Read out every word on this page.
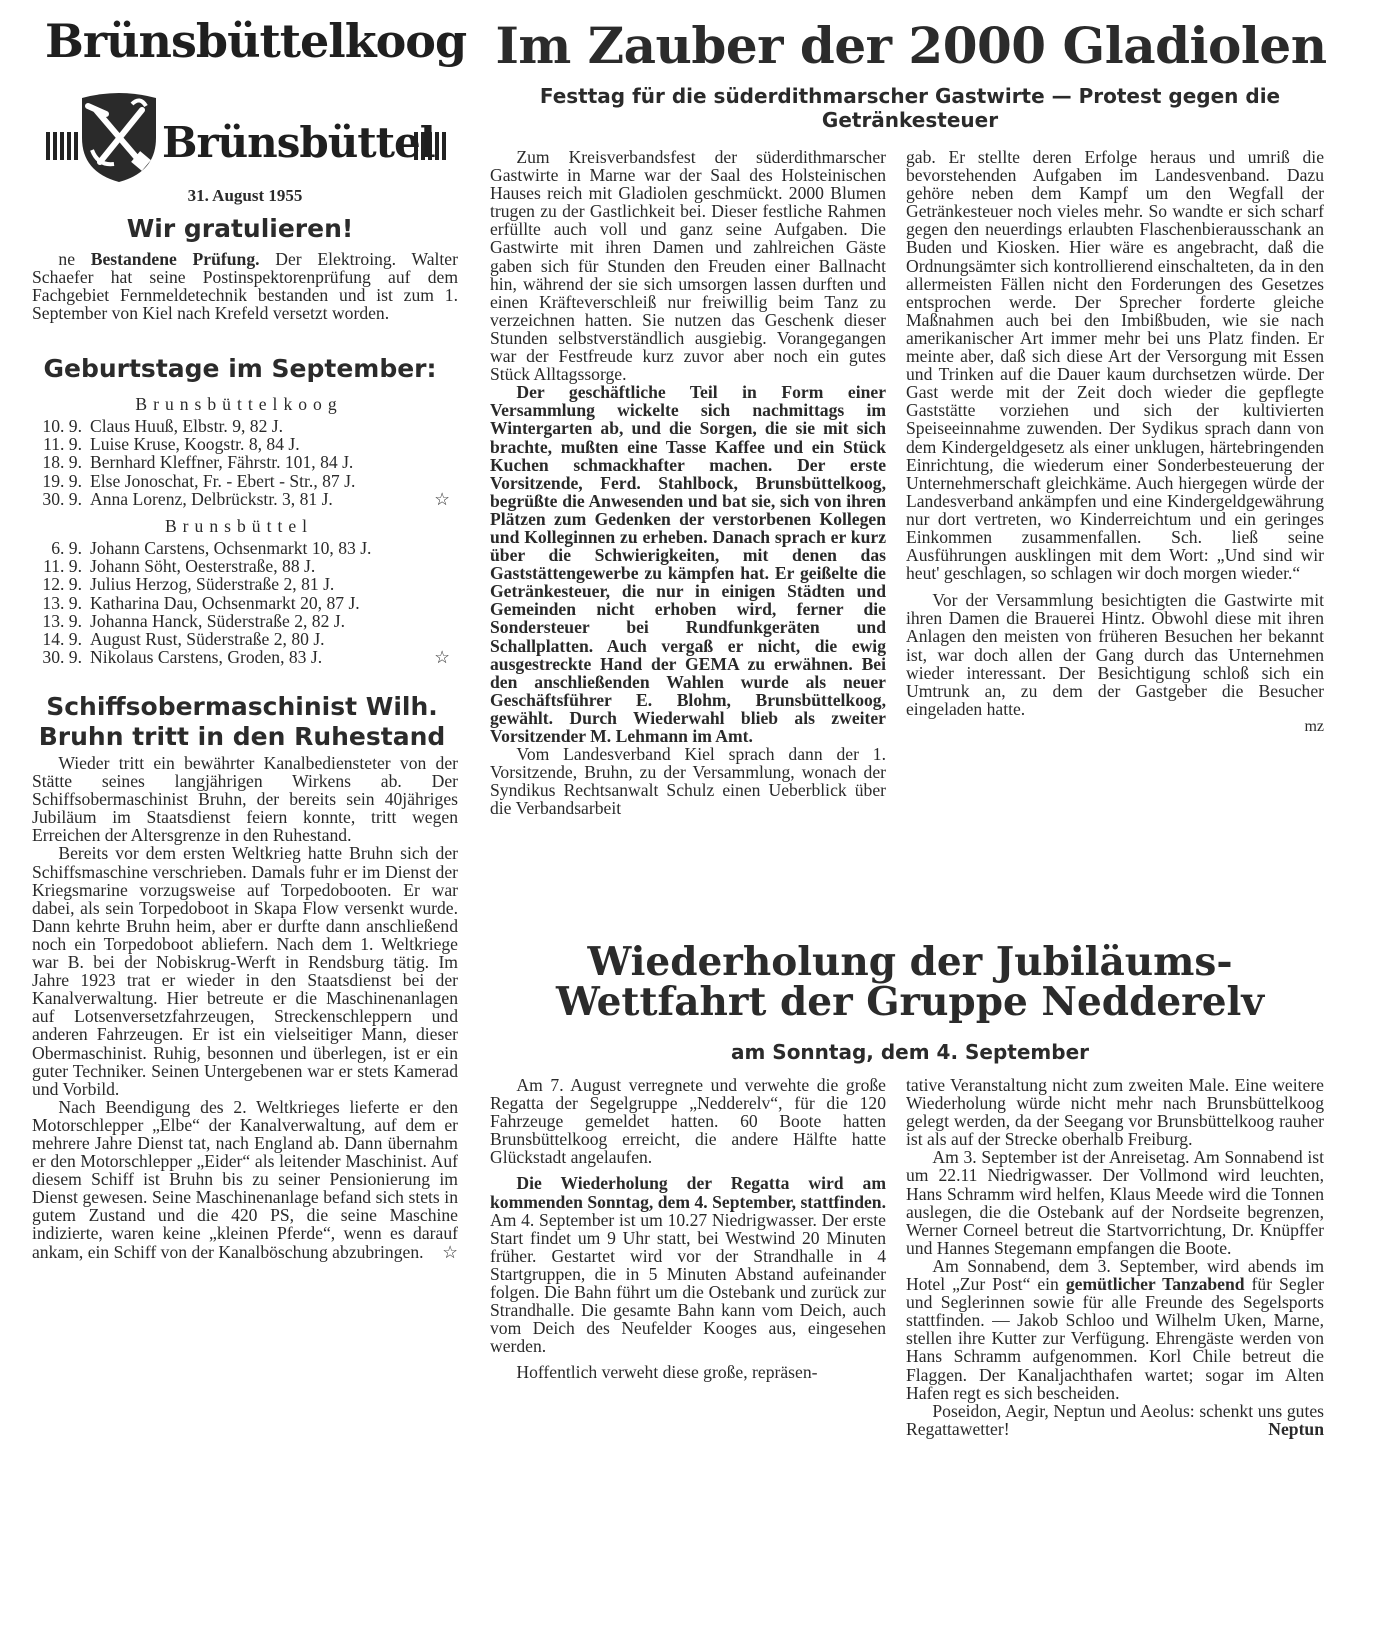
Brünsbüttelkoog
Brünsbüttel
31. August 1955
Wir gratulieren!

ne Bestandene Prüfung. Der Elektroing. Walter Schaefer hat seine Postinspektorenprüfung auf dem Fachgebiet Fernmeldetechnik bestanden und ist zum 1. September von Kiel nach Krefeld versetzt worden.

Geburtstage im September:
Brunsbüttelkoog
10. 9. Claus Huuß, Elbstr. 9, 82 J.
11. 9. Luise Kruse, Koogstr. 8, 84 J.
18. 9. Bernhard Kleffner, Fährstr. 101, 84 J.
19. 9. Else Jonoschat, Fr. - Ebert - Str., 87 J.
30. 9. Anna Lorenz, Delbrückstr. 3, 81 J.	☆
Brunsbüttel
6. 9. Johann Carstens, Ochsenmarkt 10, 83 J.
11. 9. Johann Söht, Oesterstraße, 88 J.
12. 9. Julius Herzog, Süderstraße 2, 81 J.
13. 9. Katharina Dau, Ochsenmarkt 20, 87 J.
13. 9. Johanna Hanck, Süderstraße 2, 82 J.
14. 9. August Rust, Süderstraße 2, 80 J.
30. 9. Nikolaus Carstens, Groden, 83 J.	☆
Schiffsobermaschinist Wilh. Bruhn tritt in den Ruhestand

Wieder tritt ein bewährter Kanalbediensteter von der Stätte seines langjährigen Wirkens ab. Der Schiffsobermaschinist Bruhn, der bereits sein 40jähriges Jubiläum im Staatsdienst feiern konnte, tritt wegen Erreichen der Altersgrenze in den Ruhestand.

Bereits vor dem ersten Weltkrieg hatte Bruhn sich der Schiffsmaschine verschrieben. Damals fuhr er im Dienst der Kriegsmarine vorzugsweise auf Torpedobooten. Er war dabei, als sein Torpedoboot in Skapa Flow versenkt wurde. Dann kehrte Bruhn heim, aber er durfte dann anschließend noch ein Torpedoboot abliefern. Nach dem 1. Weltkriege war B. bei der Nobiskrug-Werft in Rendsburg tätig. Im Jahre 1923 trat er wieder in den Staatsdienst bei der Kanalverwaltung. Hier betreute er die Maschinenanlagen auf Lotsenversetzfahrzeugen, Streckenschleppern und anderen Fahrzeugen. Er ist ein vielseitiger Mann, dieser Obermaschinist. Ruhig, besonnen und überlegen, ist er ein guter Techniker. Seinen Untergebenen war er stets Kamerad und Vorbild.

Nach Beendigung des 2. Weltkrieges lieferte er den Motorschlepper „Elbe“ der Kanalverwaltung, auf dem er mehrere Jahre Dienst tat, nach England ab. Dann übernahm er den Motorschlepper „Eider“ als leitender Maschinist. Auf diesem Schiff ist Bruhn bis zu seiner Pensionierung im Dienst gewesen. Seine Maschinenanlage befand sich stets in gutem Zustand und die 420 PS, die seine Maschine indizierte, waren keine „kleinen Pferde“, wenn es darauf ankam, ein Schiff von der Kanalböschung abzubringen.	☆
Im Zauber der 2000 Gladiolen
Festtag für die süderdithmarscher Gastwirte — Protest gegen die Getränkesteuer

Zum Kreisverbandsfest der süderdithmarscher Gastwirte in Marne war der Saal des Holsteinischen Hauses reich mit Gladiolen geschmückt. 2000 Blumen trugen zu der Gastlichkeit bei. Dieser festliche Rahmen erfüllte auch voll und ganz seine Aufgaben. Die Gastwirte mit ihren Damen und zahlreichen Gäste gaben sich für Stunden den Freuden einer Ballnacht hin, während der sie sich umsorgen lassen durften und einen Kräfteverschleiß nur freiwillig beim Tanz zu verzeichnen hatten. Sie nutzen das Geschenk dieser Stunden selbstverständlich ausgiebig. Vorangegangen war der Festfreude kurz zuvor aber noch ein gutes Stück Alltagssorge.

Der geschäftliche Teil in Form einer Versammlung wickelte sich nachmittags im Wintergarten ab, und die Sorgen, die sie mit sich brachte, mußten eine Tasse Kaffee und ein Stück Kuchen schmackhafter machen. Der erste Vorsitzende, Ferd. Stahlbock, Brunsbüttelkoog, begrüßte die Anwesenden und bat sie, sich von ihren Plätzen zum Gedenken der verstorbenen Kollegen und Kolleginnen zu erheben. Danach sprach er kurz über die Schwierigkeiten, mit denen das Gaststättengewerbe zu kämpfen hat. Er geißelte die Getränkesteuer, die nur in einigen Städten und Gemeinden nicht erhoben wird, ferner die Sondersteuer bei Rundfunkgeräten und Schallplatten. Auch vergaß er nicht, die ewig ausgestreckte Hand der GEMA zu erwähnen. Bei den anschließenden Wahlen wurde als neuer Geschäftsführer E. Blohm, Brunsbüttelkoog, gewählt. Durch Wiederwahl blieb als zweiter Vorsitzender M. Lehmann im Amt.

Vom Landesverband Kiel sprach dann der 1. Vorsitzende, Bruhn, zu der Versammlung, wonach der Syndikus Rechtsanwalt Schulz einen Ueberblick über die Verbandsarbeit

gab. Er stellte deren Erfolge heraus und umriß die bevorstehenden Aufgaben im Landesvenband. Dazu gehöre neben dem Kampf um den Wegfall der Getränkesteuer noch vieles mehr. So wandte er sich scharf gegen den neuerdings erlaubten Flaschenbierausschank an Buden und Kiosken. Hier wäre es angebracht, daß die Ordnungsämter sich kontrollierend einschalteten, da in den allermeisten Fällen nicht den Forderungen des Gesetzes entsprochen werde. Der Sprecher forderte gleiche Maßnahmen auch bei den Imbißbuden, wie sie nach amerikanischer Art immer mehr bei uns Platz finden. Er meinte aber, daß sich diese Art der Versorgung mit Essen und Trinken auf die Dauer kaum durchsetzen würde. Der Gast werde mit der Zeit doch wieder die gepflegte Gaststätte vorziehen und sich der kultivierten Speiseeinnahme zuwenden. Der Sydikus sprach dann von dem Kindergeldgesetz als einer unklugen, härtebringenden Einrichtung, die wiederum einer Sonderbesteuerung der Unternehmerschaft gleichkäme. Auch hiergegen würde der Landesverband ankämpfen und eine Kindergeldgewährung nur dort vertreten, wo Kinderreichtum und ein geringes Einkommen zusammenfallen. Sch. ließ seine Ausführungen ausklingen mit dem Wort: „Und sind wir heut' geschlagen, so schlagen wir doch morgen wieder.“

Vor der Versammlung besichtigten die Gastwirte mit ihren Damen die Brauerei Hintz. Obwohl diese mit ihren Anlagen den meisten von früheren Besuchen her bekannt ist, war doch allen der Gang durch das Unternehmen wieder interessant. Der Besichtigung schloß sich ein Umtrunk an, zu dem der Gastgeber die Besucher eingeladen hatte.

mz
Wiederholung der Jubiläums-
Wettfahrt der Gruppe Nedderelv
am Sonntag, dem 4. September

Am 7. August verregnete und verwehte die große Regatta der Segelgruppe „Nedderelv“, für die 120 Fahrzeuge gemeldet hatten. 60 Boote hatten Brunsbüttelkoog erreicht, die andere Hälfte hatte Glückstadt angelaufen.

Die Wiederholung der Regatta wird am kommenden Sonntag, dem 4. September, stattfinden. Am 4. September ist um 10.27 Niedrigwasser. Der erste Start findet um 9 Uhr statt, bei Westwind 20 Minuten früher. Gestartet wird vor der Strandhalle in 4 Startgruppen, die in 5 Minuten Abstand aufeinander folgen. Die Bahn führt um die Ostebank und zurück zur Strandhalle. Die gesamte Bahn kann vom Deich, auch vom Deich des Neufelder Kooges aus, eingesehen werden.

Hoffentlich verweht diese große, repräsen-

tative Veranstaltung nicht zum zweiten Male. Eine weitere Wiederholung würde nicht mehr nach Brunsbüttelkoog gelegt werden, da der Seegang vor Brunsbüttelkoog rauher ist als auf der Strecke oberhalb Freiburg.

Am 3. September ist der Anreisetag. Am Sonnabend ist um 22.11 Niedrigwasser. Der Vollmond wird leuchten, Hans Schramm wird helfen, Klaus Meede wird die Tonnen auslegen, die die Ostebank auf der Nordseite begrenzen, Werner Corneel betreut die Startvorrichtung, Dr. Knüpffer und Hannes Stegemann empfangen die Boote.

Am Sonnabend, dem 3. September, wird abends im Hotel „Zur Post“ ein gemütlicher Tanzabend für Segler und Seglerinnen sowie für alle Freunde des Segelsports stattfinden. — Jakob Schloo und Wilhelm Uken, Marne, stellen ihre Kutter zur Verfügung. Ehrengäste werden von Hans Schramm aufgenommen. Korl Chile betreut die Flaggen. Der Kanaljachthafen wartet; sogar im Alten Hafen regt es sich bescheiden.

Poseidon, Aegir, Neptun und Aeolus: schenkt uns gutes Regattawetter!	Neptun
